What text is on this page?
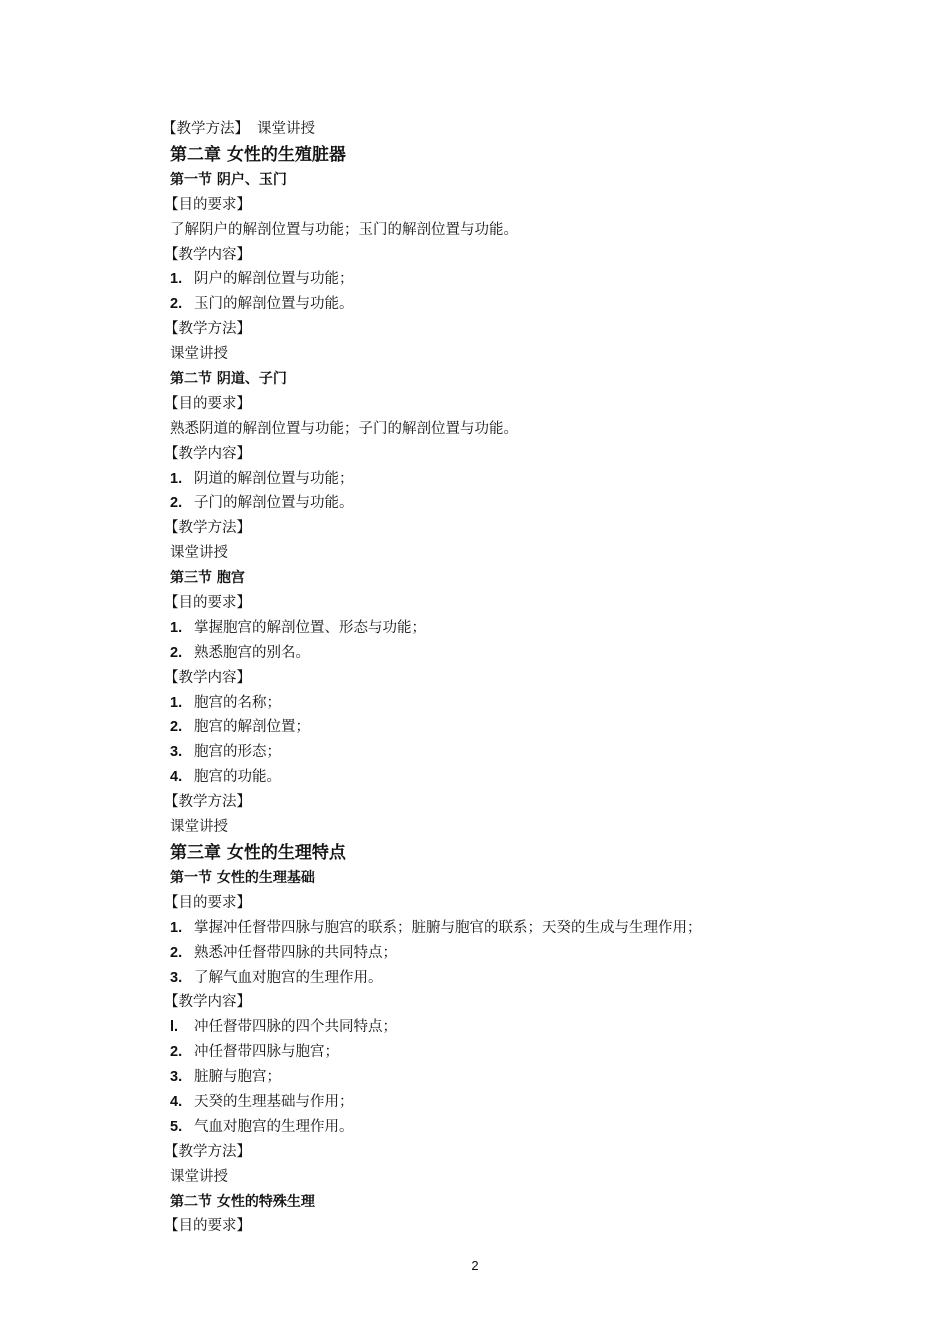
【教学方法】 课堂讲授
第二章 女性的生殖脏器
第一节 阴户、玉门
【目的要求】
了解阴户的解剖位置与功能；玉门的解剖位置与功能。
【教学内容】
1. 阴户的解剖位置与功能；
2. 玉门的解剖位置与功能。
【教学方法】
课堂讲授
第二节 阴道、子门
【目的要求】
熟悉阴道的解剖位置与功能；子门的解剖位置与功能。
【教学内容】
1. 阴道的解剖位置与功能；
2. 子门的解剖位置与功能。
【教学方法】
课堂讲授
第三节 胞宫
【目的要求】
1. 掌握胞宫的解剖位置、形态与功能；
2. 熟悉胞宫的别名。
【教学内容】
1. 胞宫的名称；
2. 胞宫的解剖位置；
3. 胞宫的形态；
4. 胞宫的功能。
【教学方法】
课堂讲授
第三章 女性的生理特点
第一节 女性的生理基础
【目的要求】
1. 掌握冲任督带四脉与胞宫的联系；脏腑与胞官的联系；天癸的生成与生理作用；
2. 熟悉冲任督带四脉的共同特点；
3. 了解气血对胞宫的生理作用。
【教学内容】
l. 冲任督带四脉的四个共同特点；
2. 冲任督带四脉与胞宫；
3. 脏腑与胞宫；
4. 天癸的生理基础与作用；
5. 气血对胞宫的生理作用。
【教学方法】
课堂讲授
第二节 女性的特殊生理
【目的要求】
2
